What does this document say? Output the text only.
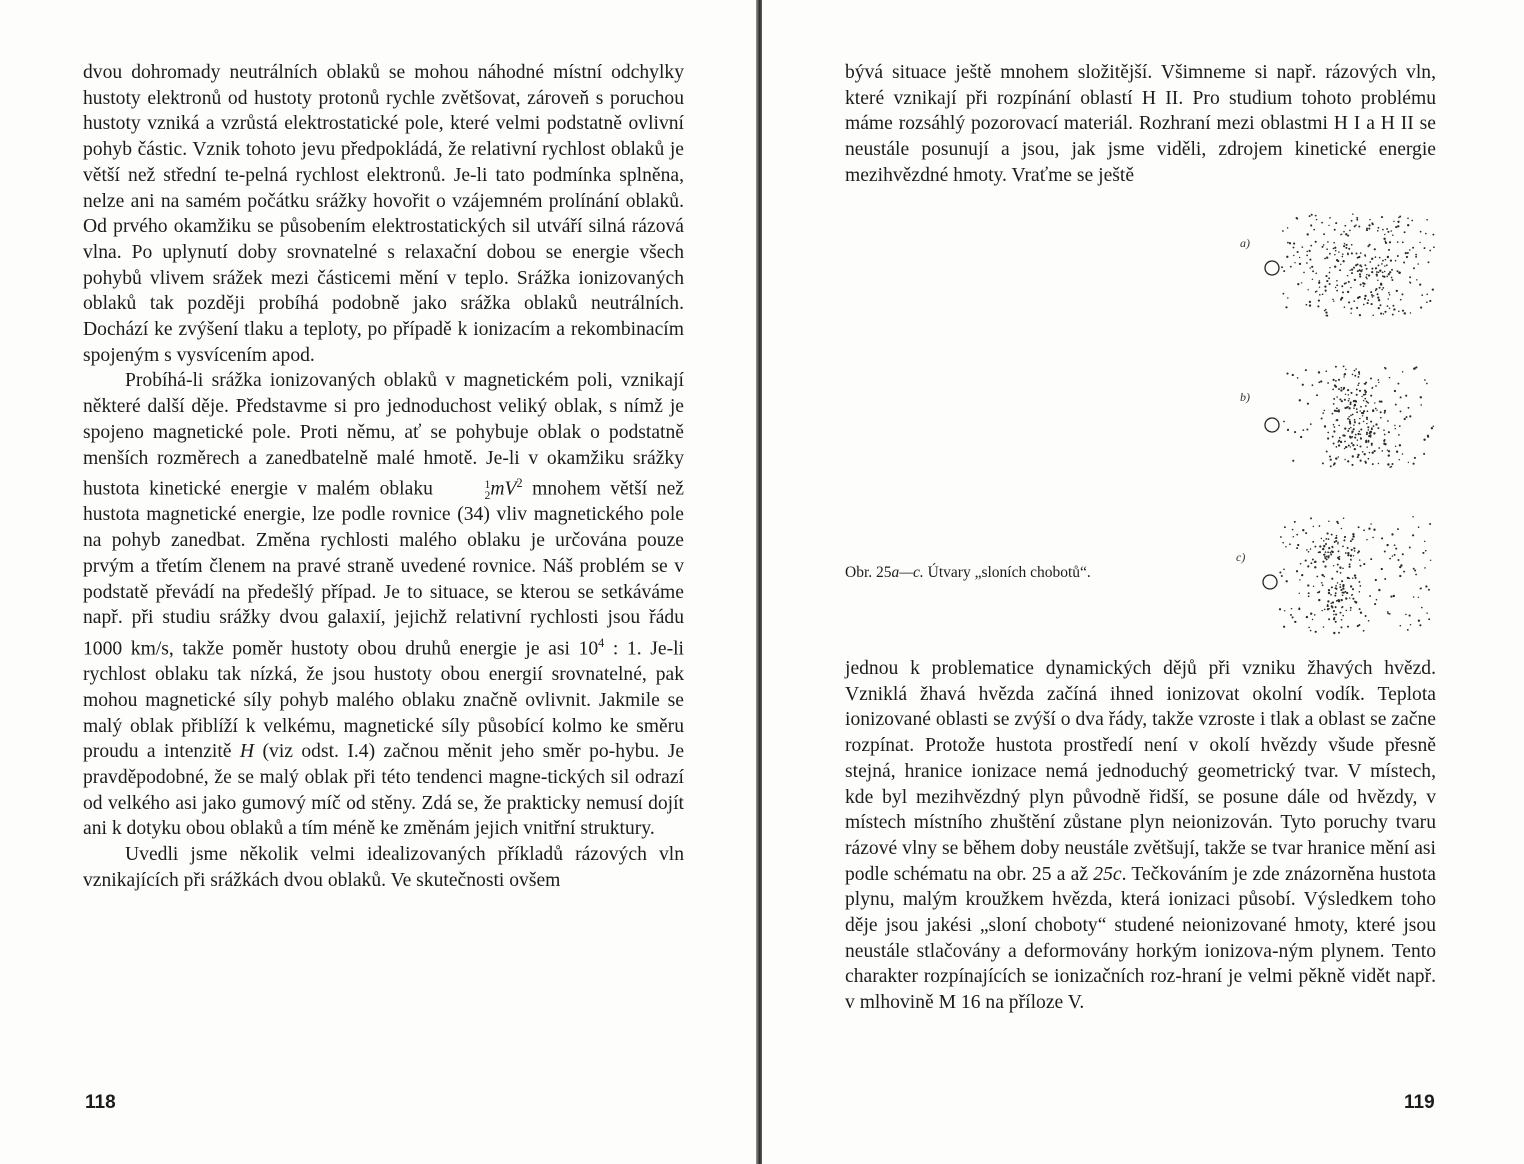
dvou dohromady neutrálních oblaků se mohou náhodné místní odchylky hustoty elektronů od hustoty protonů rychle zvětšovat, zároveň s poruchou hustoty vzniká a vzrůstá elektrostatické pole, které velmi podstatně ovlivní pohyb částic. Vznik tohoto jevu předpokládá, že relativní rychlost oblaků je větší než střední te-pelná rychlost elektronů. Je-li tato podmínka splněna, nelze ani na samém počátku srážky hovořit o vzájemném prolínání oblaků. Od prvého okamžiku se působením elektrostatických sil utváří silná rázová vlna. Po uplynutí doby srovnatelné s relaxační dobou se energie všech pohybů vlivem srážek mezi částicemi mění v teplo. Srážka ionizovaných oblaků tak později probíhá podobně jako srážka oblaků neutrálních. Dochází ke zvýšení tlaku a teploty, po případě k ionizacím a rekombinacím spojeným s vysvícením apod.

Probíhá-li srážka ionizovaných oblaků v magnetickém poli, vznikají některé další děje. Představme si pro jednoduchost veliký oblak, s nímž je spojeno magnetické pole. Proti němu, ať se pohybuje oblak o podstatně menších rozměrech a zanedbatelně malé hmotě. Je-li v okamžiku srážky hustota kinetické energie v malém oblaku	1
2 $mV^2$ mnohem větší než hustota magnetické energie, lze podle rovnice (34) vliv magnetického pole na pohyb zanedbat. Změna rychlosti malého oblaku je určována pouze prvým a třetím členem na pravé straně uvedené rovnice. Náš problém se v podstatě převádí na předešlý případ. Je to situace, se kterou se setkáváme např. při studiu srážky dvou galaxií, jejichž relativní rychlosti jsou řádu 1000 km/s, takže poměr hustoty obou druhů energie je asi $10^4$ : 1. Je-li rychlost oblaku tak nízká, že jsou hustoty obou energií srovnatelné, pak mohou magnetické síly pohyb malého oblaku značně ovlivnit. Jakmile se malý oblak přiblíží k velkému, magnetické síly působící kolmo ke směru proudu a intenzitě H (viz odst. I.4) začnou měnit jeho směr po-hybu. Je pravděpodobné, že se malý oblak při této tendenci magne-tických sil odrazí od velkého asi jako gumový míč od stěny. Zdá se, že prakticky nemusí dojít ani k dotyku obou oblaků a tím méně ke změnám jejich vnitřní struktury.

Uvedli jsme několik velmi idealizovaných příkladů rázových vln vznikajících při srážkách dvou oblaků. Ve skutečnosti ovšem

118

bývá situace ještě mnohem složitější. Všimneme si např. rázových vln, které vznikají při rozpínání oblastí H II. Pro studium tohoto problému máme rozsáhlý pozorovací materiál. Rozhraní mezi oblastmi H I a H II se neustále posunují a jsou, jak jsme viděli, zdrojem kinetické energie mezihvězdné hmoty. Vraťme se ještě

a)
b)
c)
Obr. 25a—c. Útvary „sloních chobotů“.

jednou k problematice dynamických dějů při vzniku žhavých hvězd. Vzniklá žhavá hvězda začíná ihned ionizovat okolní vodík. Teplota ionizované oblasti se zvýší o dva řády, takže vzroste i tlak a oblast se začne rozpínat. Protože hustota prostředí není v okolí hvězdy všude přesně stejná, hranice ionizace nemá jednoduchý geometrický tvar. V místech, kde byl mezihvězdný plyn původně řidší, se posune dále od hvězdy, v místech místního zhuštění zůstane plyn neionizován. Tyto poruchy tvaru rázové vlny se během doby neustále zvětšují, takže se tvar hranice mění asi podle schématu na obr. 25 a až 25c. Tečkováním je zde znázorněna hustota plynu, malým kroužkem hvězda, která ionizaci působí. Výsledkem toho děje jsou jakési „sloní choboty“ studené neionizované hmoty, které jsou neustále stlačovány a deformovány horkým ionizova-ným plynem. Tento charakter rozpínajících se ionizačních roz-hraní je velmi pěkně vidět např. v mlhovině M 16 na příloze V.

119
